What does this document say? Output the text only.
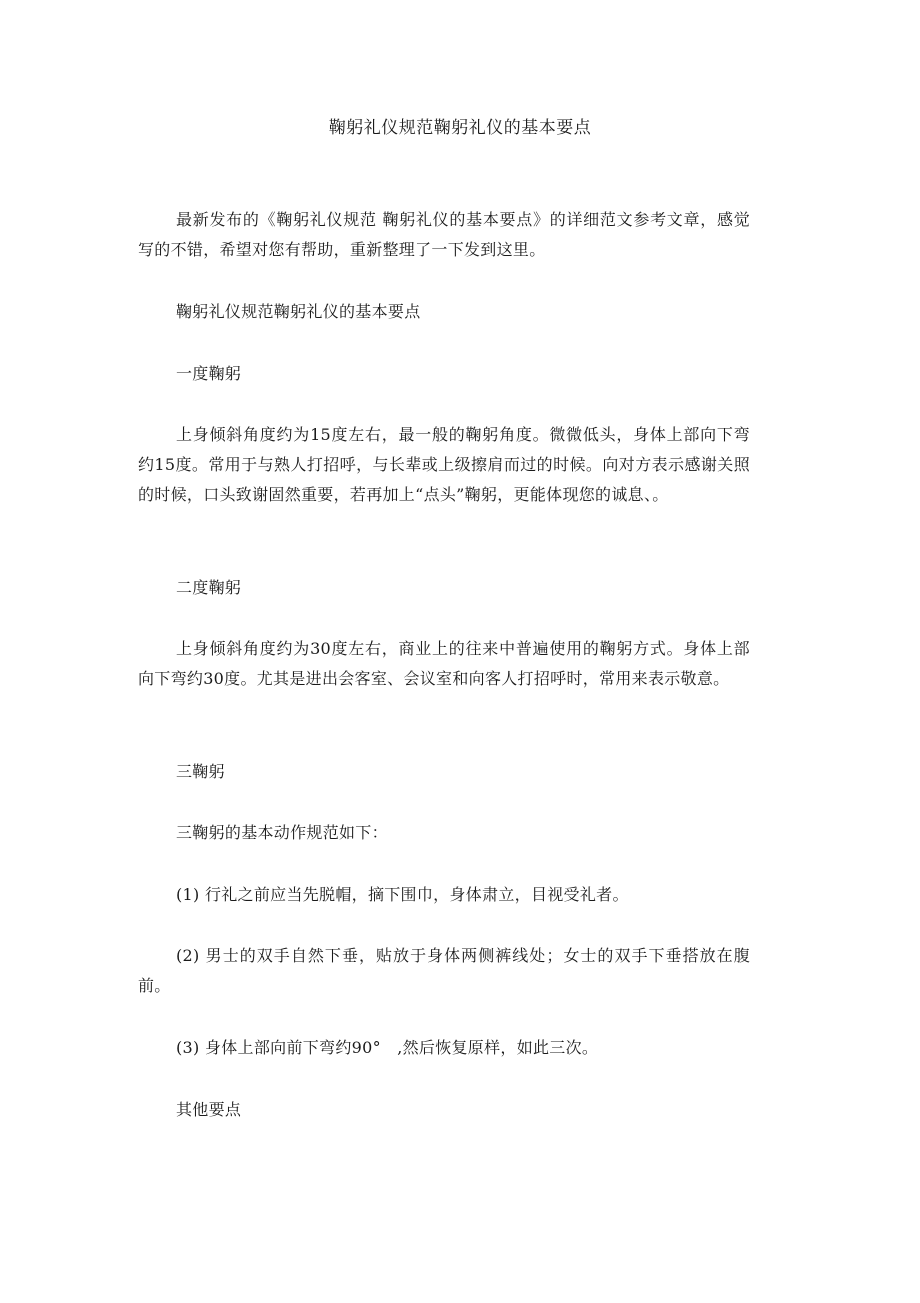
鞠躬礼仪规范鞠躬礼仪的基本要点

最新发布的《鞠躬礼仪规范 鞠躬礼仪的基本要点》的详细范文参考文章，感觉写的不错，希望对您有帮助，重新整理了一下发到这里。

鞠躬礼仪规范鞠躬礼仪的基本要点

一度鞠躬

上身倾斜角度约为15度左右，最一般的鞠躬角度。微微低头，身体上部向下弯约15度。常用于与熟人打招呼，与长辈或上级擦肩而过的时候。向对方表示感谢关照的时候，口头致谢固然重要，若再加上“点头”鞠躬，更能体现您的诚息、。

二度鞠躬

上身倾斜角度约为30度左右，商业上的往来中普遍使用的鞠躬方式。身体上部向下弯约30度。尤其是进出会客室、会议室和向客人打招呼时，常用来表示敬意。

三鞠躬

三鞠躬的基本动作规范如下：

(1) 行礼之前应当先脱帽，摘下围巾，身体肃立，目视受礼者。

(2) 男士的双手自然下垂，贴放于身体两侧裤线处；女士的双手下垂搭放在腹前。

(3) 身体上部向前下弯约90°　,然后恢复原样，如此三次。

其他要点
